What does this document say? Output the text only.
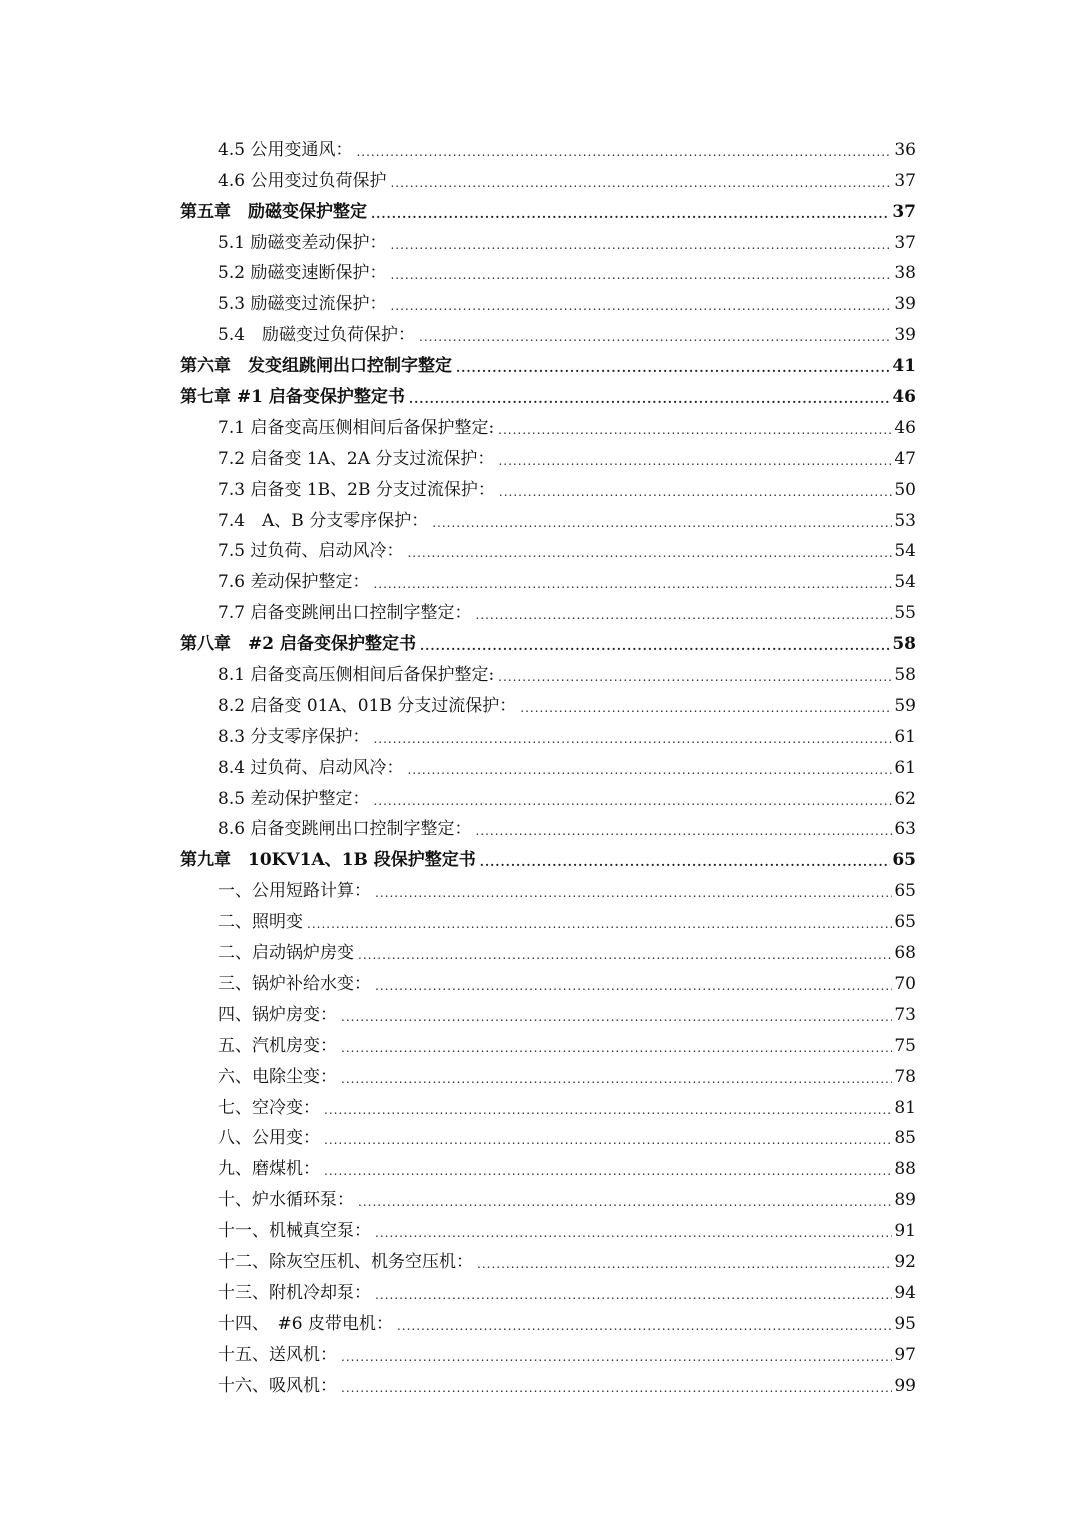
4.5 公用变通风： .....	36
4.6 公用变过负荷保护 .....	37
第五章　励磁变保护整定 .....	37
5.1 励磁变差动保护： .....	37
5.2 励磁变速断保护： .....	38
5.3 励磁变过流保护： .....	39
5.4　励磁变过负荷保护： .....	39
第六章　发变组跳闸出口控制字整定 .....	41
第七章 #1 启备变保护整定书 .....	46
7.1 启备变高压侧相间后备保护整定: .....	46
7.2 启备变 1A、2A 分支过流保护： .....	47
7.3 启备变 1B、2B 分支过流保护： .....	50
7.4　A、B 分支零序保护： .....	53
7.5 过负荷、启动风冷： .....	54
7.6 差动保护整定： .....	54
7.7 启备变跳闸出口控制字整定： .....	55
第八章　#2 启备变保护整定书 .....	58
8.1 启备变高压侧相间后备保护整定: .....	58
8.2 启备变 01A、01B 分支过流保护： .....	59
8.3 分支零序保护： .....	61
8.4 过负荷、启动风冷： .....	61
8.5 差动保护整定： .....	62
8.6 启备变跳闸出口控制字整定： .....	63
第九章　10KV1A、1B 段保护整定书 .....	65
一、公用短路计算： .....	65
二、照明变 .....	65
二、启动锅炉房变 .....	68
三、锅炉补给水变： .....	70
四、锅炉房变： .....	73
五、汽机房变： .....	75
六、电除尘变： .....	78
七、空冷变： .....	81
八、公用变： .....	85
九、磨煤机： .....	88
十、炉水循环泵： .....	89
十一、机械真空泵： .....	91
十二、除灰空压机、机务空压机： .....	92
十三、附机冷却泵： .....	94
十四、　#6 皮带电机： .....	95
十五、送风机： .....	97
十六、吸风机： .....	99
